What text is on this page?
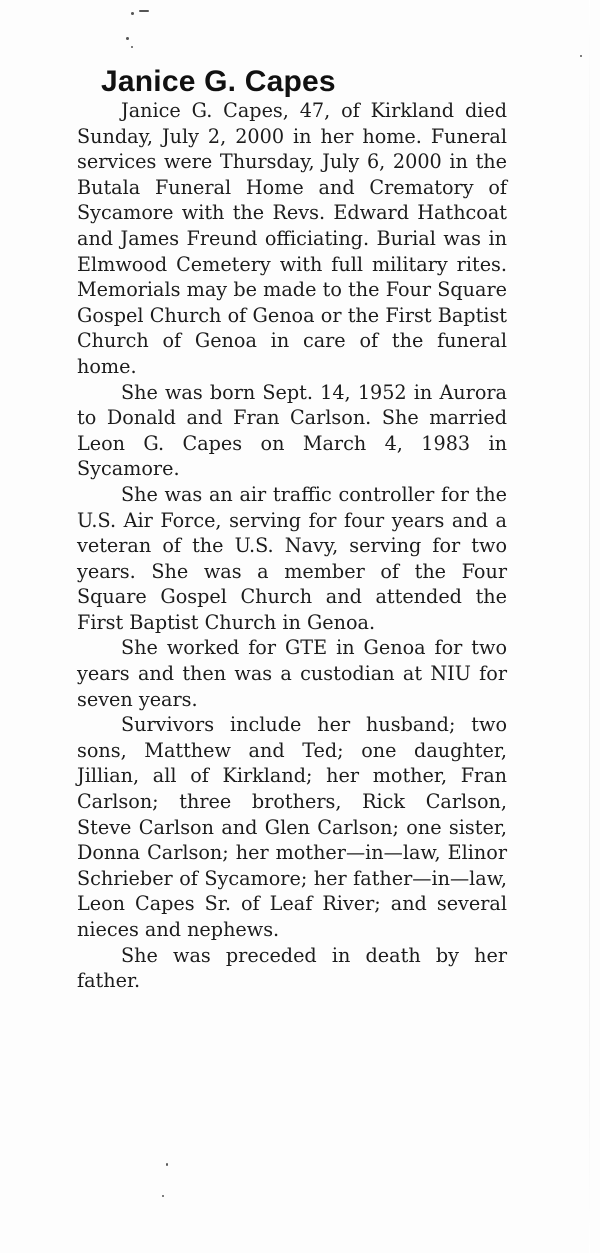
Janice G. Capes

Janice G. Capes, 47, of Kirkland died Sunday, July 2, 2000 in her home. Funeral services were Thursday, July 6, 2000 in the Butala Funeral Home and Crematory of Sycamore with the Revs. Edward Hathcoat and James Freund officiating. Burial was in Elmwood Cemetery with full military rites. Memorials may be made to the Four Square Gospel Church of Genoa or the First Baptist Church of Genoa in care of the funeral home.

She was born Sept. 14, 1952 in Aurora to Donald and Fran Carlson. She married Leon G. Capes on March 4, 1983 in Sycamore.

She was an air traffic controller for the U.S. Air Force, serving for four years and a veteran of the U.S. Navy, serving for two years. She was a member of the Four Square Gospel Church and attended the First Baptist Church in Genoa.

She worked for GTE in Genoa for two years and then was a custodian at NIU for seven years.

Survivors include her husband; two sons, Matthew and Ted; one daughter, Jillian, all of Kirkland; her mother, Fran Carlson; three brothers, Rick Carlson, Steve Carlson and Glen Carlson; one sister, Donna Carlson; her mother—in—law, Elinor Schrieber of Sycamore; her father—in—law, Leon Capes Sr. of Leaf River; and several nieces and nephews.

She was preceded in death by her father.
